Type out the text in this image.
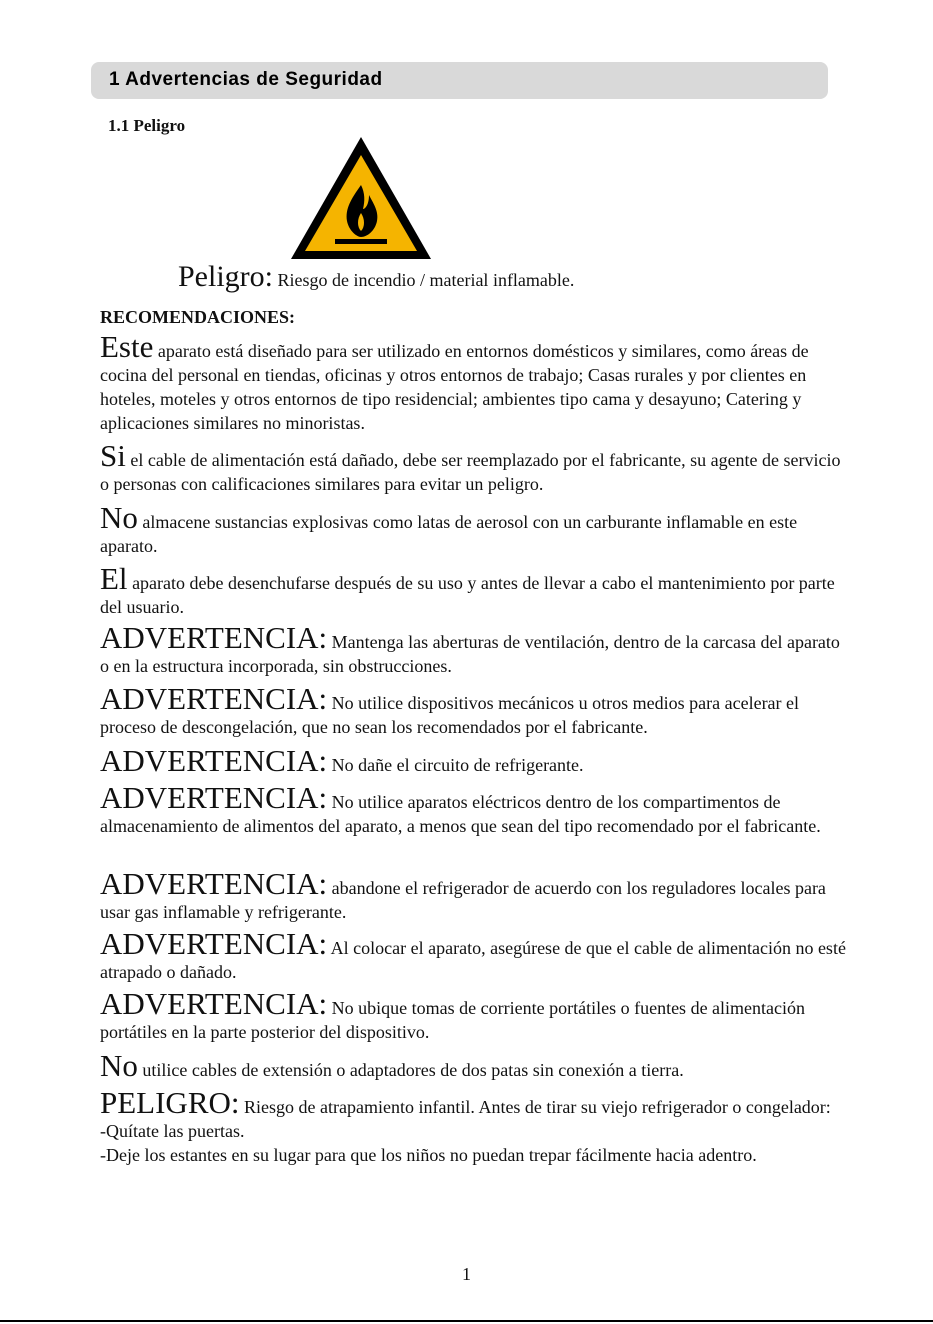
1 Advertencias de Seguridad
1.1 Peligro
Peligro: Riesgo de incendio / material inflamable.
RECOMENDACIONES:
Este aparato está diseñado para ser utilizado en entornos domésticos y similares, como áreas de cocina del personal en tiendas, oficinas y otros entornos de trabajo; Casas rurales y por clientes en hoteles, moteles y otros entornos de tipo residencial; ambientes tipo cama y desayuno; Catering y aplicaciones similares no minoristas.
Si el cable de alimentación está dañado, debe ser reemplazado por el fabricante, su agente de servicio o personas con calificaciones similares para evitar un peligro.
No almacene sustancias explosivas como latas de aerosol con un carburante inflamable en este aparato.
El aparato debe desenchufarse después de su uso y antes de llevar a cabo el mantenimiento por parte del usuario.
ADVERTENCIA: Mantenga las aberturas de ventilación, dentro de la carcasa del aparato o en la estructura incorporada, sin obstrucciones.
ADVERTENCIA: No utilice dispositivos mecánicos u otros medios para acelerar el proceso de descongelación, que no sean los recomendados por el fabricante.
ADVERTENCIA: No dañe el circuito de refrigerante.
ADVERTENCIA: No utilice aparatos eléctricos dentro de los compartimentos de almacenamiento de alimentos del aparato, a menos que sean del tipo recomendado por el fabricante.
ADVERTENCIA: abandone el refrigerador de acuerdo con los reguladores locales para usar gas inflamable y refrigerante.
ADVERTENCIA: Al colocar el aparato, asegúrese de que el cable de alimentación no esté atrapado o dañado.
ADVERTENCIA: No ubique tomas de corriente portátiles o fuentes de alimentación portátiles en la parte posterior del dispositivo.
No utilice cables de extensión o adaptadores de dos patas sin conexión a tierra.
PELIGRO: Riesgo de atrapamiento infantil. Antes de tirar su viejo refrigerador o congelador:
-Quítate las puertas.
-Deje los estantes en su lugar para que los niños no puedan trepar fácilmente hacia adentro.
1
